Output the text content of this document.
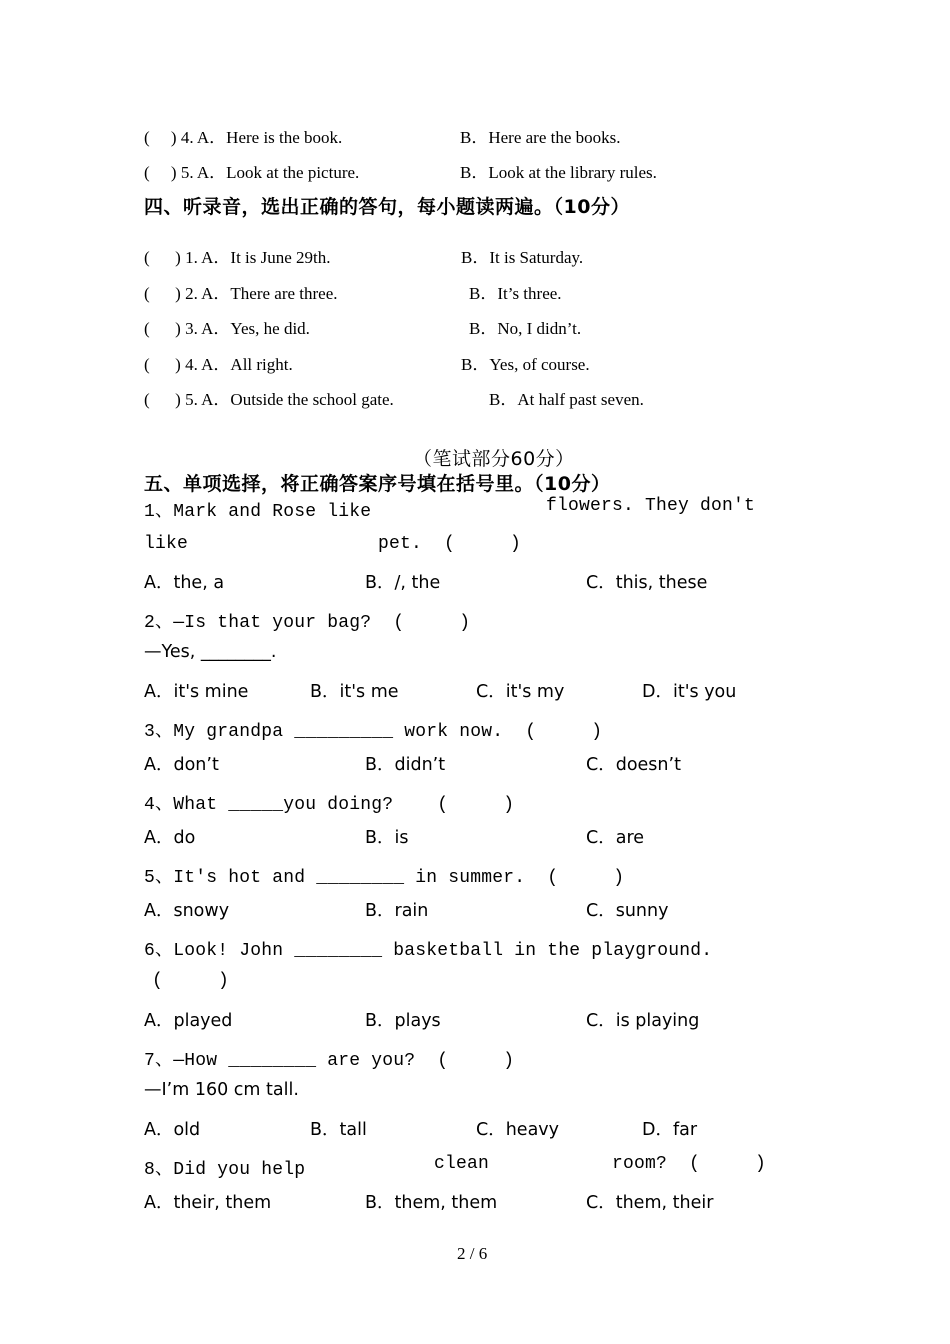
(     ) 4. A．Here is the book.	B．Here are the books.
(     ) 5. A．Look at the picture.	B．Look at the library rules.
四、听录音，选出正确的答句，每小题读两遍。（10分）
(      ) 1. A．It is June 29th.	B．It is Saturday.
(      ) 2. A．There are three.	B．It’s three.
(      ) 3. A．Yes, he did.	B．No, I didn’t.
(      ) 4. A．All right.	B．Yes, of course.
(      ) 5. A．Outside the school gate.	B．At half past seven.
（笔试部分60分）
五、单项选择，将正确答案序号填在括号里。（10分）
1、Mark and Rose like	flowers. They don't
like	pet.  (     )
A．the, a	B．/, the	C．this, these
2、—Is that your bag?  (     )
—Yes, ________.
A．it's mine	B．it's me	C．it's my	D．it's you
3、My grandpa _________ work now.  (     )
A．don’t	B．didn’t	C．doesn’t
4、What _____you doing?    (     )
A．do	B．is	C．are
5、It's hot and ________ in summer.  (     )
A．snowy	B．rain	C．sunny
6、Look! John ________ basketball in the playground.
(     )
A．played	B．plays	C．is playing
7、—How ________ are you?  (     )
—I’m 160 cm tall.
A．old	B．tall	C．heavy	D．far
8、Did you help	clean	room?  (     )
A．their, them	B．them, them	C．them, their
2 / 6
